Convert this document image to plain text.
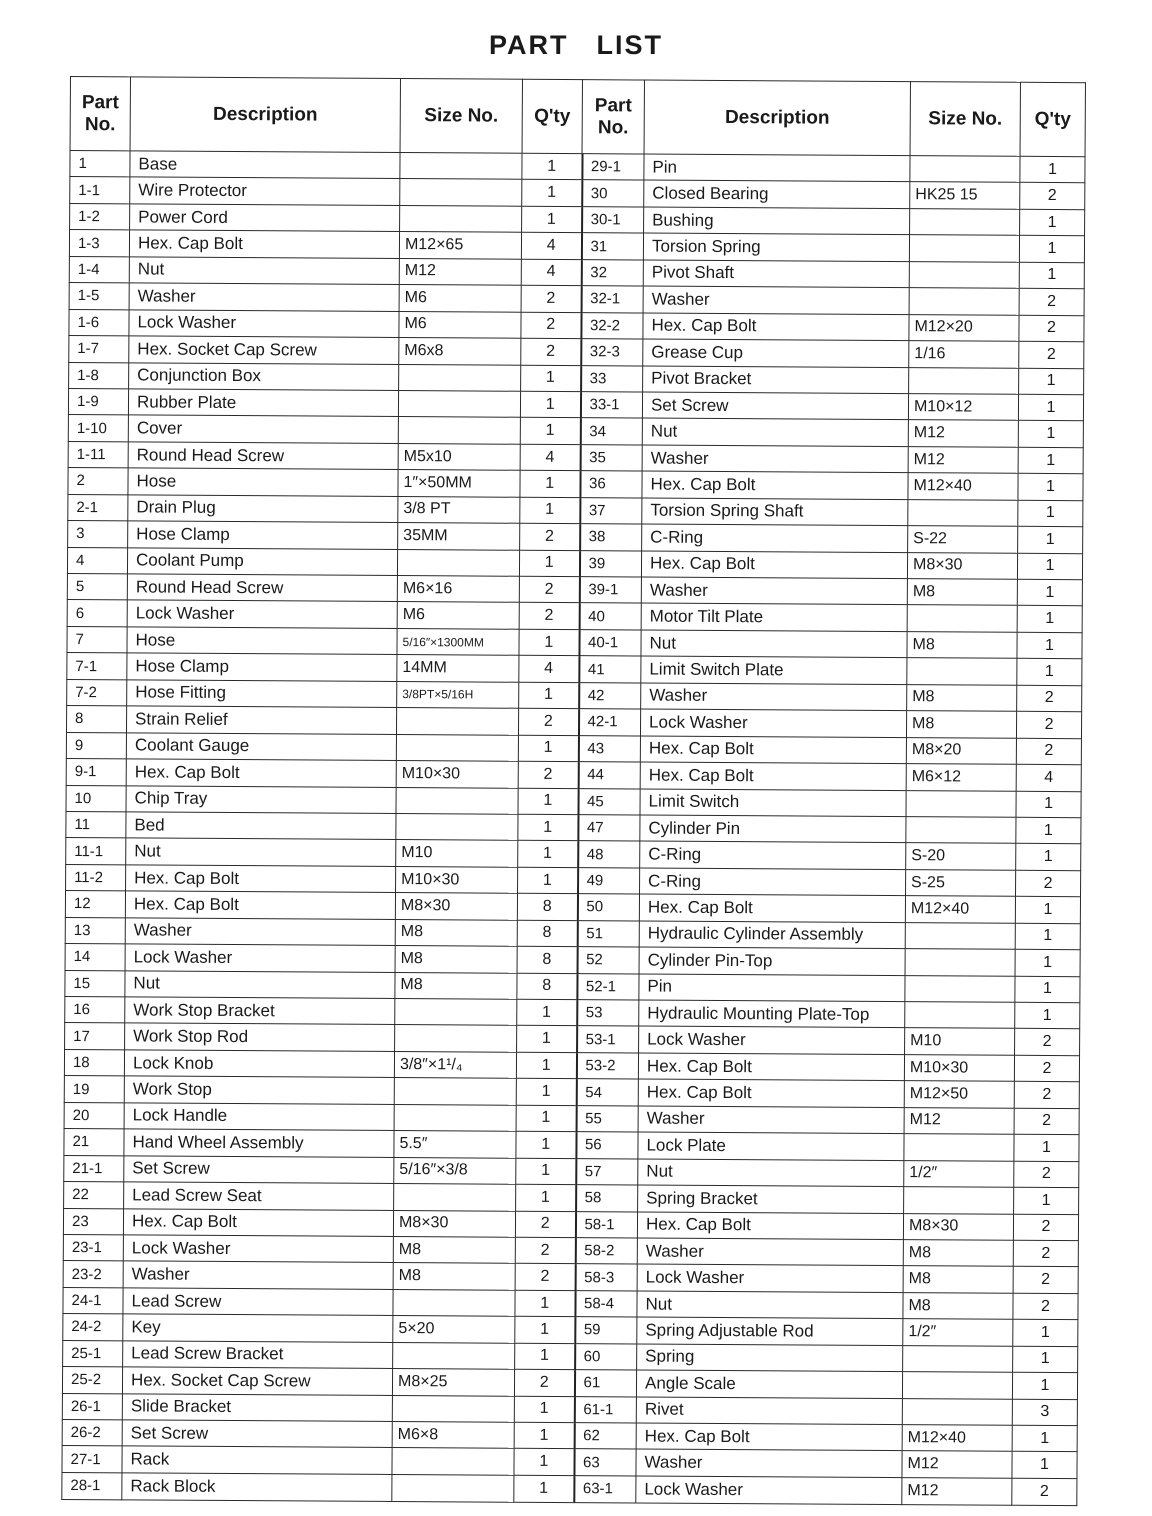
PART LIST
Part No.	Description	Size No.	Q'ty	Part No.	Description	Size No.	Q'ty
1	Base		1	29-1	Pin		1
1-1	Wire Protector		1	30	Closed Bearing	HK25 15	2
1-2	Power Cord		1	30-1	Bushing		1
1-3	Hex. Cap Bolt	M12×65	4	31	Torsion Spring		1
1-4	Nut	M12	4	32	Pivot Shaft		1
1-5	Washer	M6	2	32-1	Washer		2
1-6	Lock Washer	M6	2	32-2	Hex. Cap Bolt	M12×20	2
1-7	Hex. Socket Cap Screw	M6x8	2	32-3	Grease Cup	1/16	2
1-8	Conjunction Box		1	33	Pivot Bracket		1
1-9	Rubber Plate		1	33-1	Set Screw	M10×12	1
1-10	Cover		1	34	Nut	M12	1
1-11	Round Head Screw	M5x10	4	35	Washer	M12	1
2	Hose	1″×50MM	1	36	Hex. Cap Bolt	M12×40	1
2-1	Drain Plug	3/8 PT	1	37	Torsion Spring Shaft		1
3	Hose Clamp	35MM	2	38	C-Ring	S-22	1
4	Coolant Pump		1	39	Hex. Cap Bolt	M8×30	1
5	Round Head Screw	M6×16	2	39-1	Washer	M8	1
6	Lock Washer	M6	2	40	Motor Tilt Plate		1
7	Hose	5/16″×1300MM	1	40-1	Nut	M8	1
7-1	Hose Clamp	14MM	4	41	Limit Switch Plate		1
7-2	Hose Fitting	3/8PT×5/16H	1	42	Washer	M8	2
8	Strain Relief		2	42-1	Lock Washer	M8	2
9	Coolant Gauge		1	43	Hex. Cap Bolt	M8×20	2
9-1	Hex. Cap Bolt	M10×30	2	44	Hex. Cap Bolt	M6×12	4
10	Chip Tray		1	45	Limit Switch		1
11	Bed		1	47	Cylinder Pin		1
11-1	Nut	M10	1	48	C-Ring	S-20	1
11-2	Hex. Cap Bolt	M10×30	1	49	C-Ring	S-25	2
12	Hex. Cap Bolt	M8×30	8	50	Hex. Cap Bolt	M12×40	1
13	Washer	M8	8	51	Hydraulic Cylinder Assembly		1
14	Lock Washer	M8	8	52	Cylinder Pin-Top		1
15	Nut	M8	8	52-1	Pin		1
16	Work Stop Bracket		1	53	Hydraulic Mounting Plate-Top		1
17	Work Stop Rod		1	53-1	Lock Washer	M10	2
18	Lock Knob	3/8″×1¹/₄	1	53-2	Hex. Cap Bolt	M10×30	2
19	Work Stop		1	54	Hex. Cap Bolt	M12×50	2
20	Lock Handle		1	55	Washer	M12	2
21	Hand Wheel Assembly	5.5″	1	56	Lock Plate		1
21-1	Set Screw	5/16″×3/8	1	57	Nut	1/2″	2
22	Lead Screw Seat		1	58	Spring Bracket		1
23	Hex. Cap Bolt	M8×30	2	58-1	Hex. Cap Bolt	M8×30	2
23-1	Lock Washer	M8	2	58-2	Washer	M8	2
23-2	Washer	M8	2	58-3	Lock Washer	M8	2
24-1	Lead Screw		1	58-4	Nut	M8	2
24-2	Key	5×20	1	59	Spring Adjustable Rod	1/2″	1
25-1	Lead Screw Bracket		1	60	Spring		1
25-2	Hex. Socket Cap Screw	M8×25	2	61	Angle Scale		1
26-1	Slide Bracket		1	61-1	Rivet		3
26-2	Set Screw	M6×8	1	62	Hex. Cap Bolt	M12×40	1
27-1	Rack		1	63	Washer	M12	1
28-1	Rack Block		1	63-1	Lock Washer	M12	2
